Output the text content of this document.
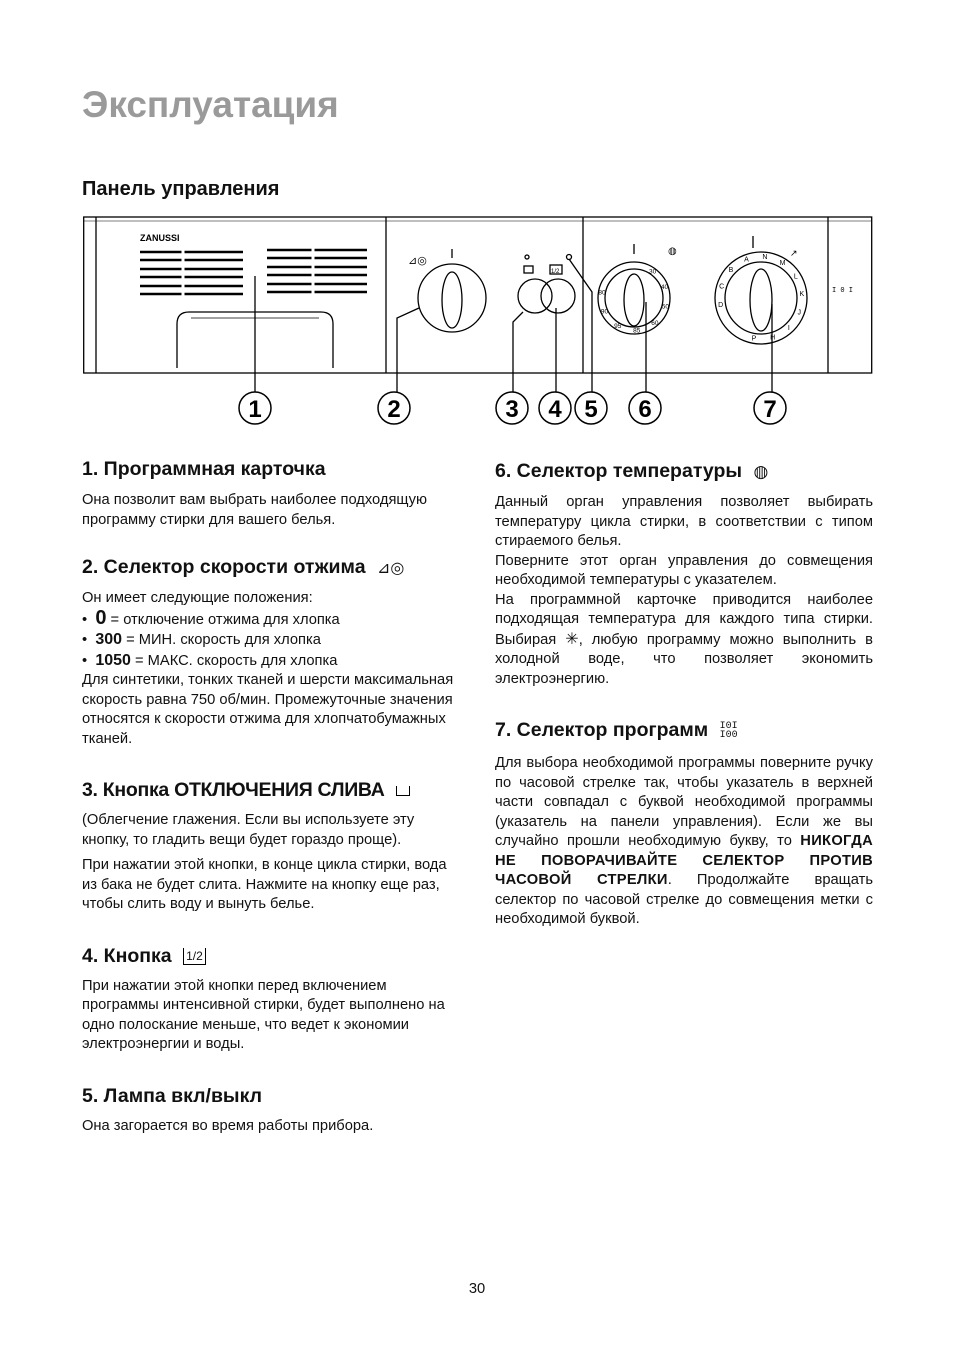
Эксплуатация
Панель управления
ZANUSSI
⊿◎
1/2
◍
30
40
50
60
85
95
90
80
↗
D
C
B
A N
M
L
K
J
I
H
P
I 0 I
1	2	3 4 5 6	7
1. Программная карточка

Она позволит вам выбрать наиболее подходящую программу стирки для вашего белья.

2. Селектор скорости отжима ⊿◎

Он имеет следующие положения:

•  0 = отключение отжима для хлопка
•  300 = МИН. скорость для хлопка
•  1050 = МАКС. скорость для хлопка

Для синтетики, тонких тканей и шерсти максимальная скорость равна 750 об/мин. Промежуточные значения относятся к скорости отжима для хлопчатобумажных тканей.

3. Кнопка ОТКЛЮЧЕНИЯ СЛИВА

(Облегчение глажения. Если вы используете эту кнопку, то гладить вещи будет гораздо проще).

При нажатии этой кнопки, в конце цикла стирки, вода из бака не будет слита. Нажмите на кнопку еще раз, чтобы слить воду и вынуть белье.

4. Кнопка 1/2

При нажатии этой кнопки перед включением программы интенсивной стирки, будет выполнено на одно полоскание меньше, что ведет к экономии электроэнергии и воды.

5. Лампа вкл/выкл

Она загорается во время работы прибора.

6. Селектор температуры ◍

Данный орган управления позволяет выбирать температуру цикла стирки, в соответствии с типом стираемого белья.

Поверните этот орган управления до совмещения необходимой температуры с указателем.

На программной карточке приводится наиболее подходящая температура для каждого типа стирки. Выбирая ✳, любую программу можно выполнить в холодной воде, что позволяет экономить электроэнергию.

7. Селектор программ I0I
I00

Для выбора необходимой программы поверните ручку по часовой стрелке так, чтобы указатель в верхней части совпадал с буквой необходимой программы (указатель на панели управления). Если же вы случайно прошли необходимую букву, то НИКОГДА НЕ ПОВОРАЧИВАЙТЕ СЕЛЕКТОР ПРОТИВ ЧАСОВОЙ СТРЕЛКИ. Продолжайте вращать селектор по часовой стрелке до совмещения метки с необходимой буквой.

30
